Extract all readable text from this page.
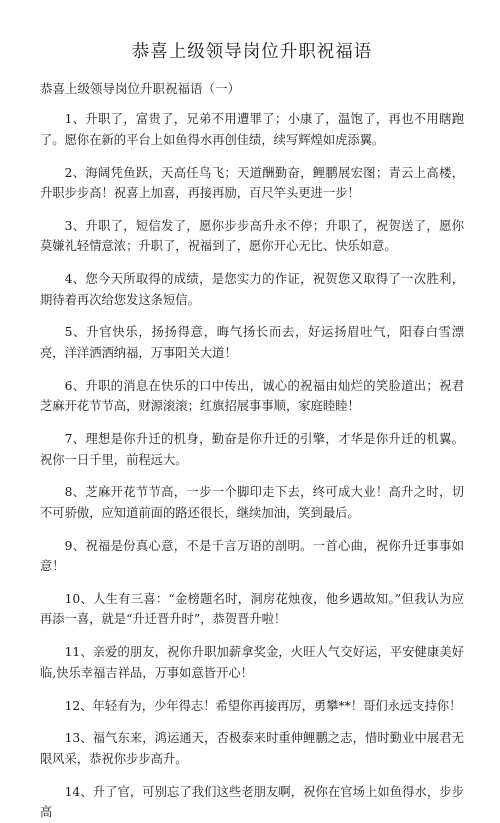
恭喜上级领导岗位升职祝福语

恭喜上级领导岗位升职祝福语（一）

1、升职了，富贵了，兄弟不用遭罪了；小康了，温饱了，再也不用瞎跑了。愿你在新的平台上如鱼得水再创佳绩，续写辉煌如虎添翼。

2、海阔凭鱼跃，天高任鸟飞；天道酬勤奋，鲤鹏展宏图；青云上高楼，升职步步高！祝喜上加喜，再接再励，百尺竿头更进一步！

3、升职了，短信发了，愿你步步高升永不停；升职了，祝贺送了，愿你莫嫌礼轻情意浓；升职了，祝福到了，愿你开心无比、快乐如意。

4、您今天所取得的成绩，是您实力的作证，祝贺您又取得了一次胜利，期待着再次给您发这条短信。

5、升官快乐，扬扬得意，晦气扬长而去，好运扬眉吐气，阳春白雪漂亮，洋洋洒洒纳福，万事阳关大道！

6、升职的消息在快乐的口中传出，诚心的祝福由灿烂的笑脸道出；祝君芝麻开花节节高，财源滚滚；红旗招展事事顺，家庭睦睦！

7、理想是你升迁的机身，勤奋是你升迁的引擎，才华是你升迁的机翼。祝你一日千里，前程远大。

8、芝麻开花节节高，一步一个脚印走下去，终可成大业！高升之时，切不可骄傲，应知道前面的路还很长，继续加油，笑到最后。

9、祝福是份真心意，不是千言万语的剖明。一首心曲，祝你升迁事事如意！

10、人生有三喜：“金榜题名时，洞房花烛夜，他乡遇故知。”但我认为应再添一喜，就是“升迁晋升时”，恭贺晋升啦！

11、亲爱的朋友，祝你升职加薪拿奖金，火旺人气交好运，平安健康美好临,快乐幸福吉祥品，万事如意皆开心！

12、年轻有为，少年得志！希望你再接再厉，勇攀**！哥们永远支持你！

13、福气东来，鸿运通天，否极泰来时重伸鲤鹏之志，惜时勤业中展君无限风采，恭祝你步步高升。

14、升了官，可别忘了我们这些老朋友啊，祝你在官场上如鱼得水，步步高
